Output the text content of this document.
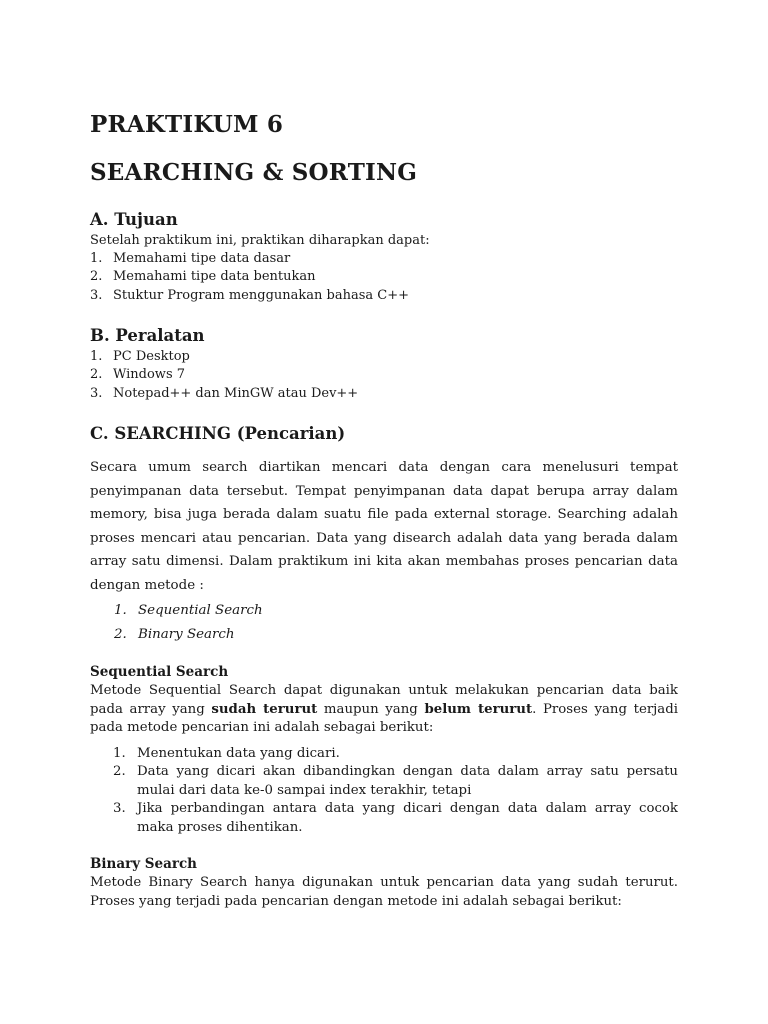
PRAKTIKUM 6
SEARCHING & SORTING
A. Tujuan
Setelah praktikum ini, praktikan diharapkan dapat:
1. Memahami tipe data dasar
2. Memahami tipe data bentukan
3. Stuktur Program menggunakan bahasa C++
B. Peralatan
1. PC Desktop
2. Windows 7
3. Notepad++ dan MinGW atau Dev++
C. SEARCHING (Pencarian)

Secara umum search diartikan mencari data dengan cara menelusuri tempat penyimpanan data tersebut. Tempat penyimpanan data dapat berupa array dalam memory, bisa juga berada dalam suatu file pada external storage. Searching adalah proses mencari atau pencarian. Data yang disearch adalah data yang berada dalam array satu dimensi. Dalam praktikum ini kita akan membahas proses pencarian data dengan metode :

1. Sequential Search
2. Binary Search
Sequential Search

Metode Sequential Search dapat digunakan untuk melakukan pencarian data baik pada array yang sudah terurut maupun yang belum terurut. Proses yang terjadi pada metode pencarian ini adalah sebagai berikut:

1. Menentukan data yang dicari.
2. Data yang dicari akan dibandingkan dengan data dalam array satu persatu mulai dari data ke-0 sampai index terakhir, tetapi
3. Jika perbandingan antara data yang dicari dengan data dalam array cocok maka proses dihentikan.
Binary Search

Metode Binary Search hanya digunakan untuk pencarian data yang sudah terurut. Proses yang terjadi pada pencarian dengan metode ini adalah sebagai berikut:
